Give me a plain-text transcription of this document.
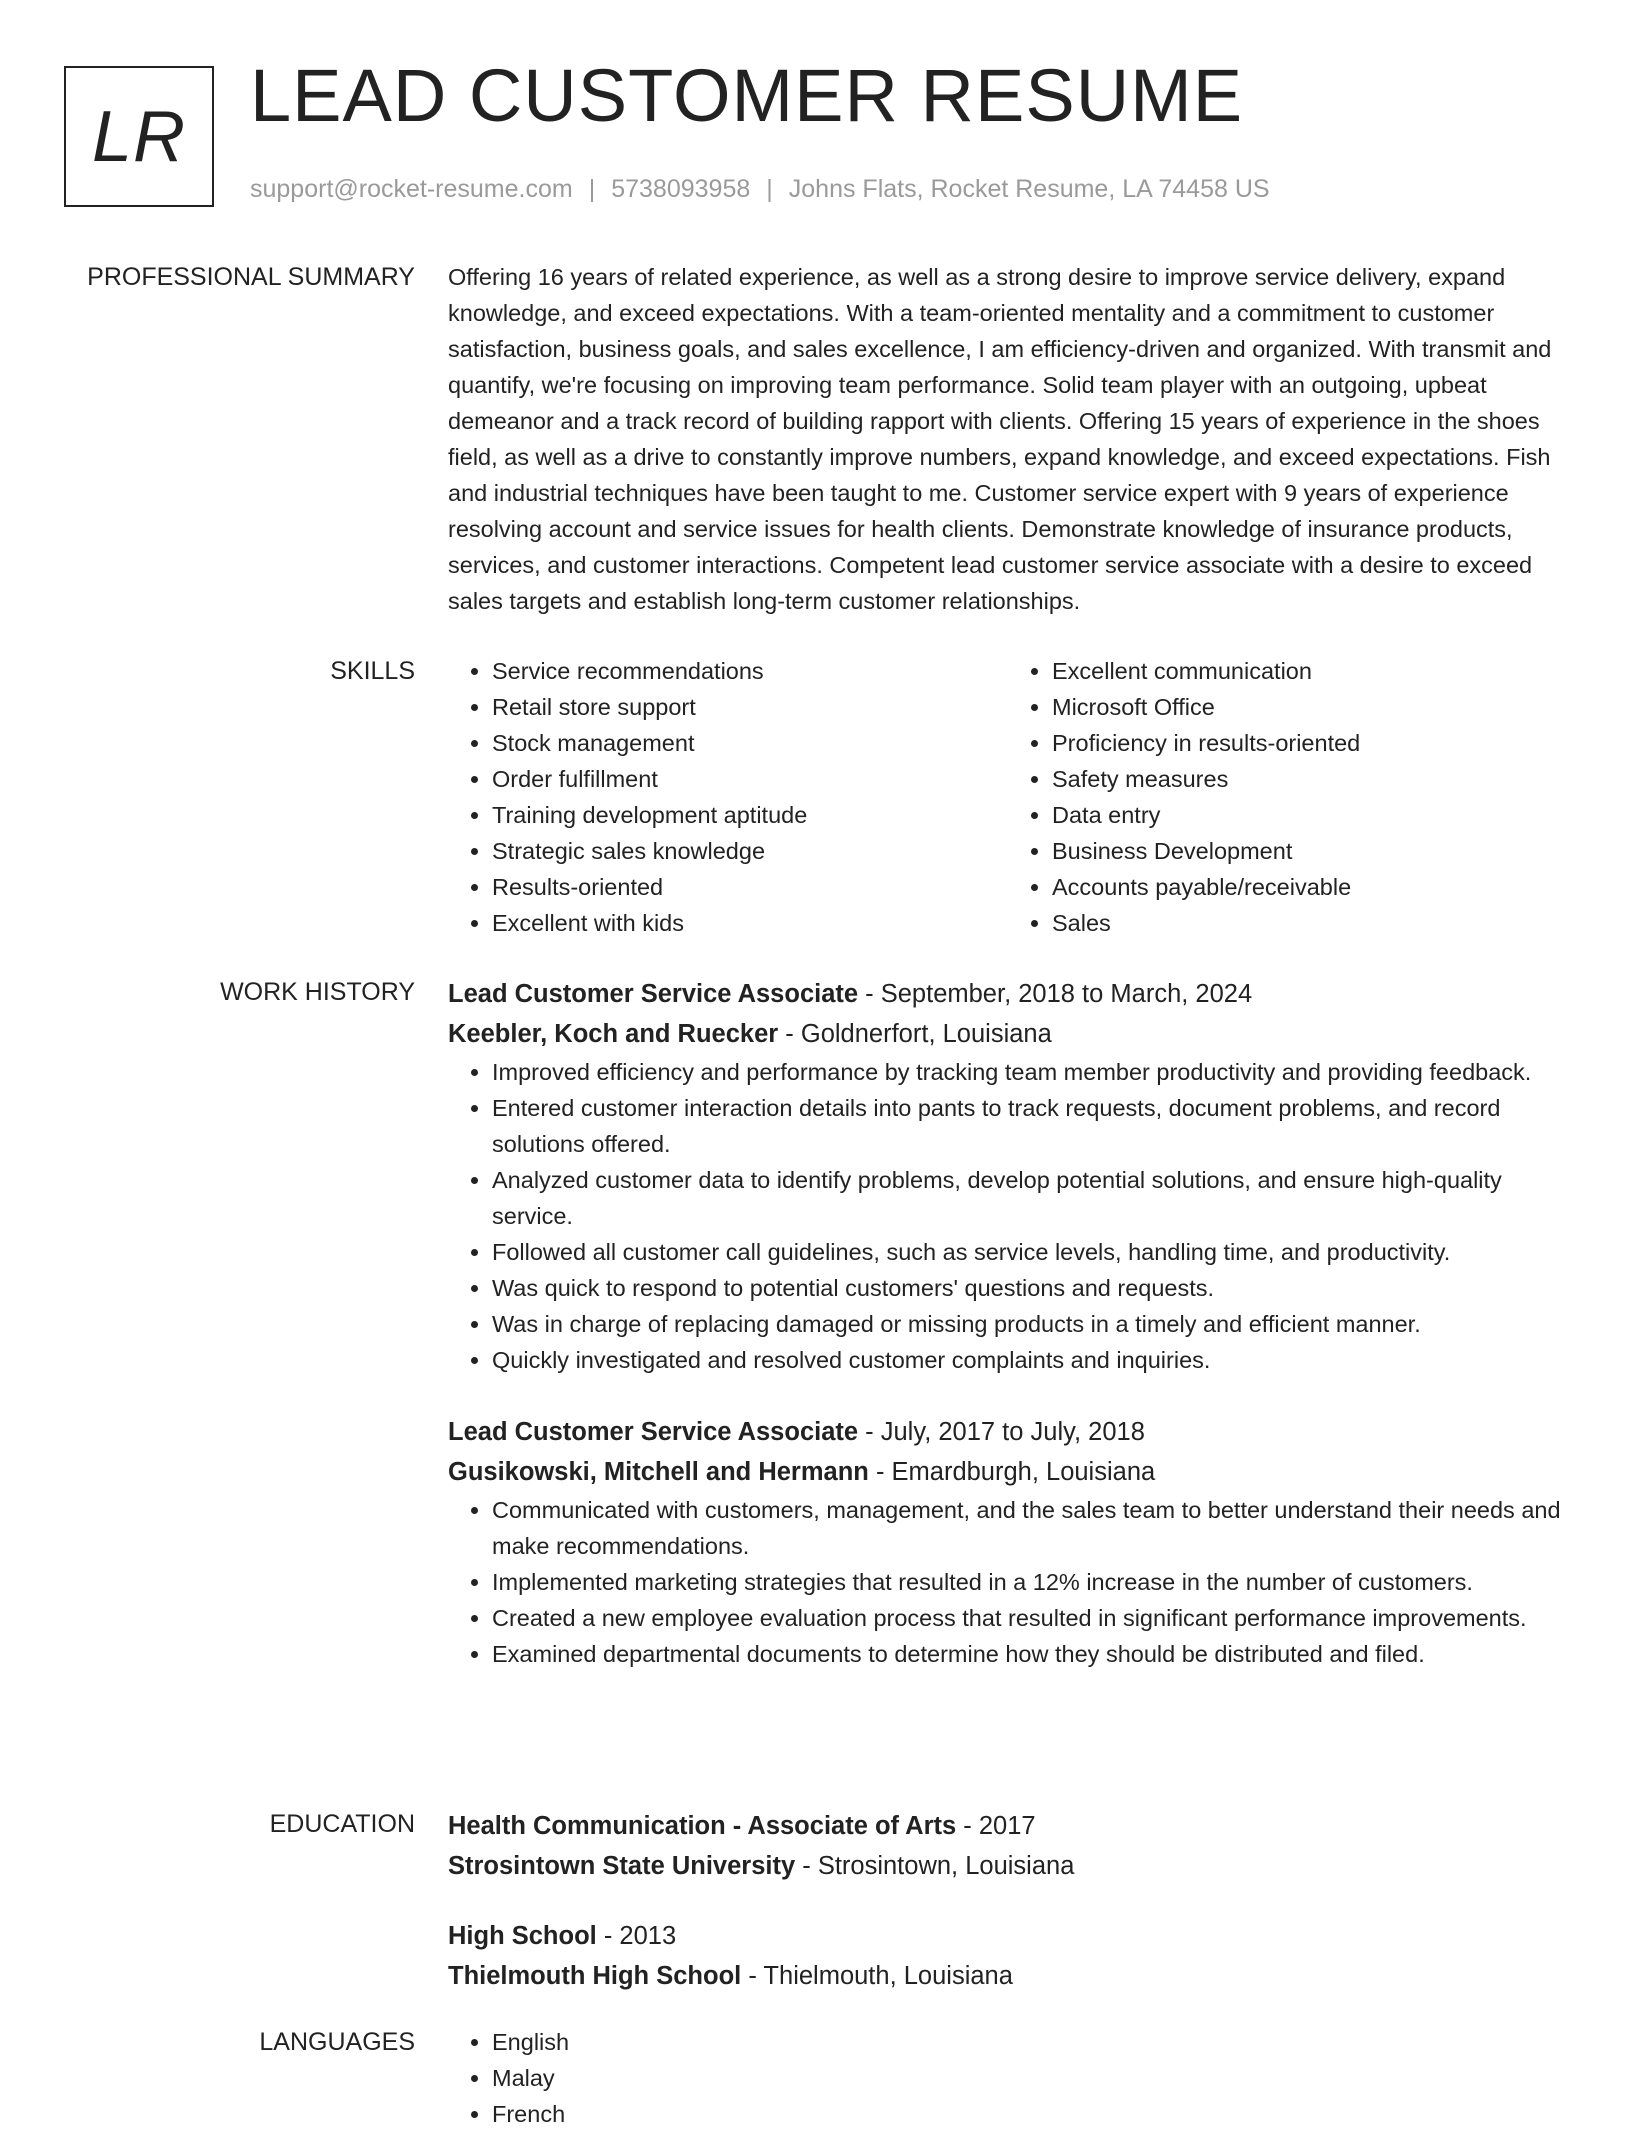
LR LEAD CUSTOMER RESUME
support@rocket-resume.com | 5738093958 | Johns Flats, Rocket Resume, LA 74458 US
PROFESSIONAL SUMMARY Offering 16 years of related experience, as well as a strong desire to improve service delivery, expand knowledge, and exceed expectations. With a team-oriented mentality and a commitment to customer satisfaction, business goals, and sales excellence, I am efficiency-driven and organized. With transmit and quantify, we're focusing on improving team performance. Solid team player with an outgoing, upbeat demeanor and a track record of building rapport with clients. Offering 15 years of experience in the shoes field, as well as a drive to constantly improve numbers, expand knowledge, and exceed expectations. Fish and industrial techniques have been taught to me. Customer service expert with 9 years of experience resolving account and service issues for health clients. Demonstrate knowledge of insurance products, services, and customer interactions. Competent lead customer service associate with a desire to exceed sales targets and establish long-term customer relationships.

SKILLS	• Service recommendations
• Retail store support
• Stock management
• Order fulfillment
• Training development aptitude
• Strategic sales knowledge
• Results-oriented
• Excellent with kids
• Excellent communication
• Microsoft Office
• Proficiency in results-oriented
• Safety measures
• Data entry
• Business Development
• Accounts payable/receivable
• Sales
WORK HISTORY Lead Customer Service Associate - September, 2018 to March, 2024
Keebler, Koch and Ruecker - Goldnerfort, Louisiana
• Improved efficiency and performance by tracking team member productivity and providing feedback.
• Entered customer interaction details into pants to track requests, document problems, and record solutions offered.
• Analyzed customer data to identify problems, develop potential solutions, and ensure high-quality service.
• Followed all customer call guidelines, such as service levels, handling time, and productivity.
• Was quick to respond to potential customers' questions and requests.
• Was in charge of replacing damaged or missing products in a timely and efficient manner.
• Quickly investigated and resolved customer complaints and inquiries.
Lead Customer Service Associate - July, 2017 to July, 2018
Gusikowski, Mitchell and Hermann - Emardburgh, Louisiana
• Communicated with customers, management, and the sales team to better understand their needs and make recommendations.
• Implemented marketing strategies that resulted in a 12% increase in the number of customers.
• Created a new employee evaluation process that resulted in significant performance improvements.
• Examined departmental documents to determine how they should be distributed and filed.
EDUCATION Health Communication - Associate of Arts - 2017
Strosintown State University - Strosintown, Louisiana
High School - 2013
Thielmouth High School - Thielmouth, Louisiana
LANGUAGES	• English
• Malay
• French
